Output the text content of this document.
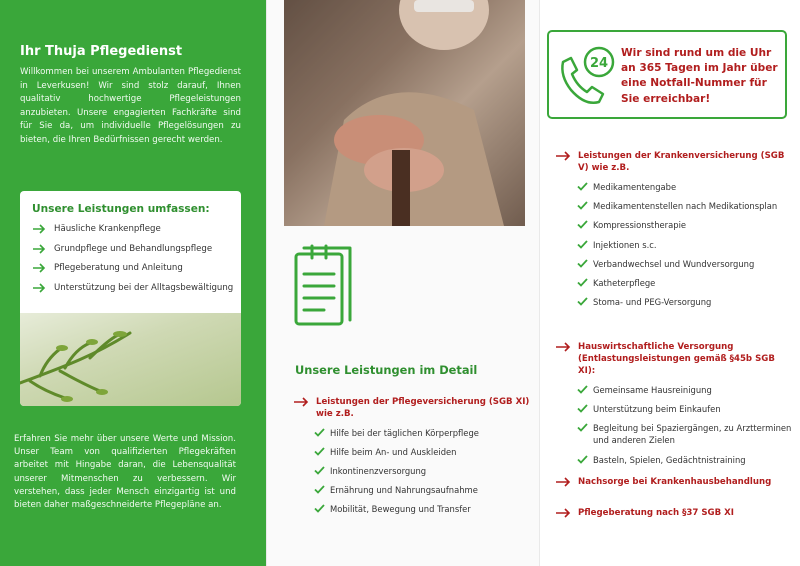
Ihr Thuja Pflegedienst

Willkommen bei unserem Ambulanten Pflegedienst in Leverkusen! Wir sind stolz darauf, Ihnen qualitativ hochwertige Pflegeleistungen anzubieten. Unsere engagierten Fachkräfte sind für Sie da, um individuelle Pflegelösungen zu bieten, die Ihren Bedürfnissen gerecht werden.

Unsere Leistungen umfassen:
Häusliche Krankenpflege
Grundpflege und Behandlungspflege
Pflegeberatung und Anleitung
Unterstützung bei der Alltagsbewältigung

Erfahren Sie mehr über unsere Werte und Mission. Unser Team von qualifizierten Pflegekräften arbeitet mit Hingabe daran, die Lebensqualität unserer Mitmenschen zu verbessern. Wir verstehen, dass jeder Mensch einzigartig ist und bieten daher maßgeschneiderte Pflegepläne an.

Unsere Leistungen im Detail
Leistungen der Pflegeversicherung (SGB XI) wie z.B.
Hilfe bei der täglichen Körperpflege
Hilfe beim An- und Auskleiden
Inkontinenzversorgung
Ernährung und Nahrungsaufnahme
Mobilität, Bewegung und Transfer
24
Wir sind rund um die Uhr an 365 Tagen im Jahr über eine Notfall-Nummer für Sie erreichbar!
Leistungen der Krankenversicherung (SGB V) wie z.B.
Medikamentengabe
Medikamentenstellen nach Medikationsplan
Kompressionstherapie
Injektionen s.c.
Verbandwechsel und Wundversorgung
Katheterpflege
Stoma- und PEG-Versorgung
Hauswirtschaftliche Versorgung (Entlastungsleistungen gemäß §45b SGB XI):
Gemeinsame Hausreinigung
Unterstützung beim Einkaufen
Begleitung bei Spaziergängen, zu Arztterminen und anderen Zielen
Basteln, Spielen, Gedächtnistraining
Nachsorge bei Krankenhausbehandlung
Pflegeberatung nach §37 SGB XI
